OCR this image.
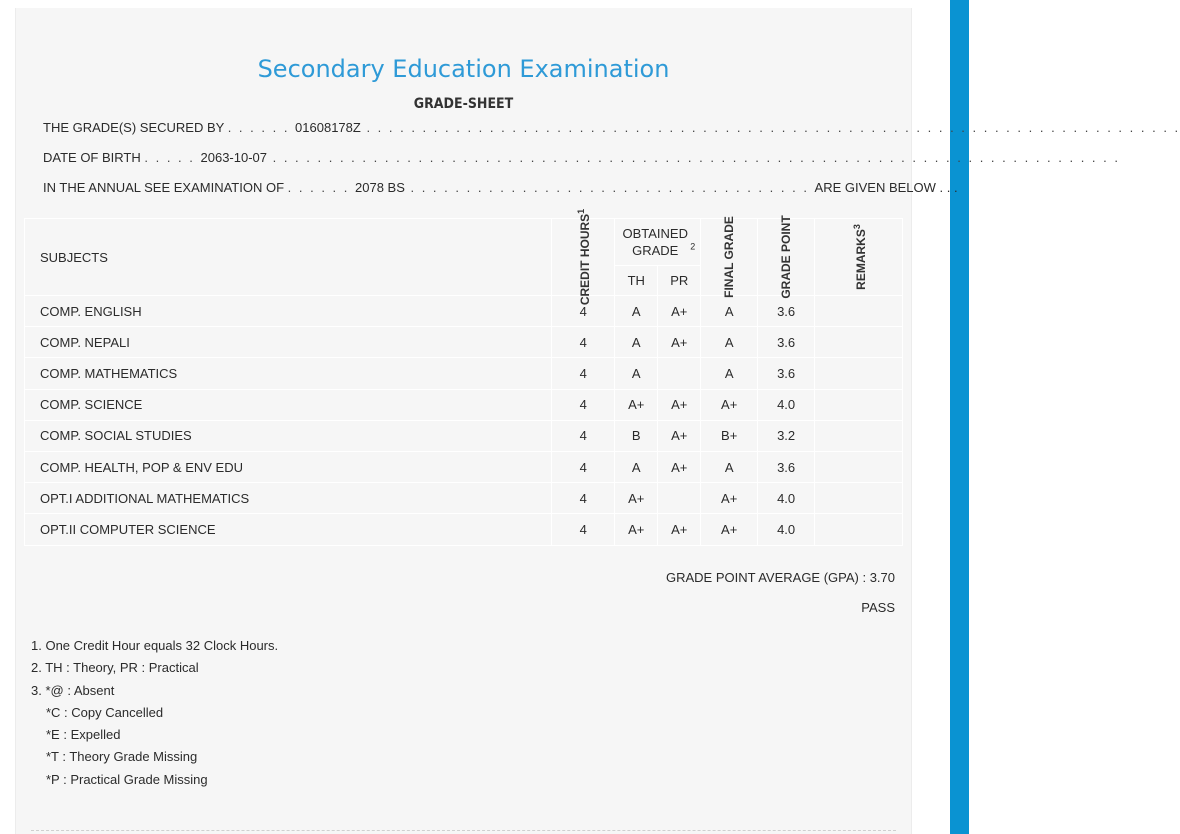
Secondary Education Examination
GRADE-SHEET
THE GRADE(S) SECURED BY . . . . . . 01608178Z . . . . . . . . . . . . . . . . . . . . . . . . . . . . . . . . . . . . . . . . . . . . . . . . . . . . . . . . . . . . . . . . . . . . . . . . .
DATE OF BIRTH . . . . . 2063-10-07 . . . . . . . . . . . . . . . . . . . . . . . . . . . . . . . . . . . . . . . . . . . . . . . . . . . . . . . . . . . . . . . . . . . . . . . . . . . .
IN THE ANNUAL SEE EXAMINATION OF . . . . . . 2078 BS . . . . . . . . . . . . . . . . . . . . . . . . . . . . . . . . . . . . ARE GIVEN BELOW . . .
SUBJECTS	CREDIT HOURS$^1$	OBTAINED GRADE $^2$		FINAL GRADE	GRADE POINT	REMARKS$^3$

		TH	PR			
COMP. ENGLISH	4	A	A+	A	3.6	
COMP. NEPALI	4	A	A+	A	3.6	
COMP. MATHEMATICS	4	A		A	3.6	
COMP. SCIENCE	4	A+	A+	A+	4.0	
COMP. SOCIAL STUDIES	4	B	A+	B+	3.2	
COMP. HEALTH, POP & ENV EDU	4	A	A+	A	3.6	
OPT.I ADDITIONAL MATHEMATICS	4	A+		A+	4.0	
OPT.II COMPUTER SCIENCE	4	A+	A+	A+	4.0	
GRADE POINT AVERAGE (GPA) : 3.70
PASS
1. One Credit Hour equals 32 Clock Hours.
2. TH : Theory, PR : Practical
3. *@ : Absent
*C : Copy Cancelled
*E : Expelled
*T : Theory Grade Missing
*P : Practical Grade Missing
